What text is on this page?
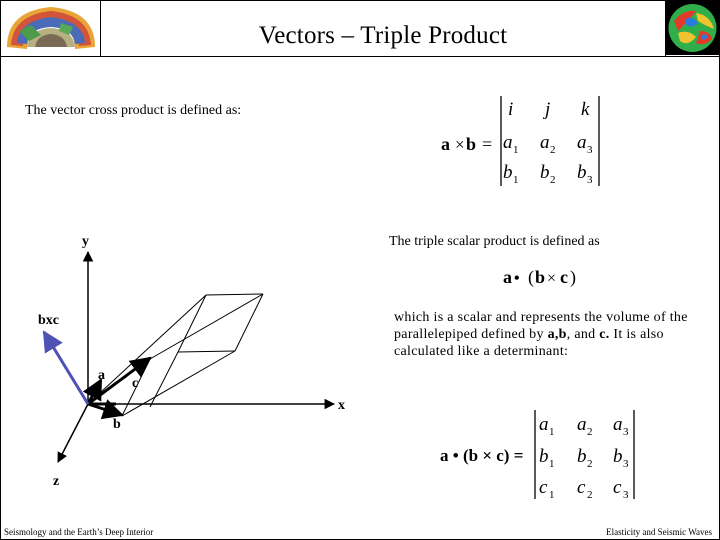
Vectors – Triple Product
The vector cross product is defined as:
The triple scalar product is defined as
which is a scalar and represents the volume of the parallelepiped defined by a,b, and c. It is also calculated like a determinant:
a × b =
i j k
a 1 a 2 a 3
b 1 b 2 b 3
a • ( b × c )
a • (b × c) =
a 1 a 2 a 3
b 1 b 2 b 3
c 1 c 2 c 3
y
x
z
bxc
a
b
c
Seismology and the Earth’s Deep Interior	Elasticity and Seismic Waves
